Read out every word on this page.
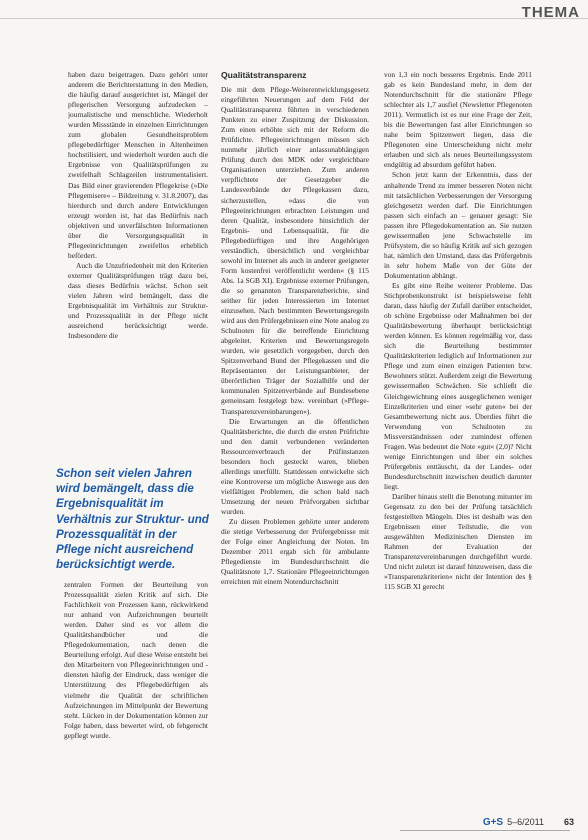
THEMA

haben dazu beigetragen. Dazu gehört unter anderem die Berichterstattung in den Medien, die häufig darauf ausgerichtet ist, Mängel der pflegerischen Versorgung aufzudecken – journalistische und menschliche. Wiederholt wurden Missstände in einzelnen Einrichtungen zum globalen Gesundheitsproblem pflegebedürftiger Menschen in Altenheimen hochstilisiert, und wiederholt wurden auch die Ergebnisse von Qualitätsprüfungen zu zweifelhaft Schlagzeilen instrumentalisiert. Das Bild einer gravierenden Pflegekrise (»Die Pflegemisere« – Bildzeitung v. 31.8.2007), das hierdurch und durch andere Entwicklungen erzeugt worden ist, hat das Bedürfnis nach objektiven und unverfälschten Informationen über die Versorgungsqualität in Pflegeeinrichtungen zweifellos erheblich befördert.

Auch die Unzufriedenheit mit den Kriterien externer Qualitätsprüfungen trägt dazu bei, dass dieses Bedürfnis wächst. Schon seit vielen Jahren wird bemängelt, dass die Ergebnisqualität im Verhältnis zur Struktur- und Prozessqualität in der Pflege nicht ausreichend berücksichtigt werde. Insbesondere die

Schon seit vielen Jahren wird bemängelt, dass die Ergebnisqualität im Verhältnis zur Struktur- und Prozessqualität in der Pflege nicht ausreichend berücksichtigt werde.

zentralen Formen der Beurteilung von Prozessqualität zielen Kritik auf sich. Die Fachlichkeit von Prozessen kann, rückwirkend nur anhand von Aufzeichnungen beurteilt werden. Daher sind es vor allem die Qualitätshandbücher und die Pflegedokumentation, nach denen die Beurteilung erfolgt. Auf diese Weise entsteht bei den Mitarbeitern von Pflegeeinrichtungen und -diensten häufig der Eindruck, dass weniger die Unterstützung des Pflegebedürftigen als vielmehr die Qualität der schriftlichen Aufzeichnungen im Mittelpunkt der Bewertung steht. Lücken in der Dokumentation können zur Folge haben, dass bewertet wird, ob fehgerecht gepflegt wurde.

Qualitätstransparenz

Die mit dem Pflege-Weiterentwicklungsgesetz eingeführten Neuerungen auf dem Feld der Qualitätstransparenz führten in verschiedenen Punkten zu einer Zuspitzung der Diskussion. Zum einen erhöhte sich mit der Reform die Prüfdichte. Pflegeeinrichtungen müssen sich nunmehr jährlich einer anlassunabhängigen Prüfung durch den MDK oder vergleichbare Organisationen unterziehen. Zum anderen verpflichtete der Gesetzgeber die Landesverbände der Pflegekassen dazu, sicherzustellen, »dass die von Pflegeeinrichtungen erbrachten Leistungen und deren Qualität, insbesondere hinsichtlich der Ergebnis- und Lebensqualität, für die Pflegebedürftigen und ihre Angehörigen verständlich, übersichtlich und vergleichbar sowohl im Internet als auch in anderer geeigneter Form kostenfrei veröffentlicht werden« (§ 115 Abs. 1a SGB XI). Ergebnisse externer Prüfungen, die so genannten Transparenzberichte, sind seither für jeden Interessierten im Internet einzusehen. Nach bestimmten Bewertungsregeln wird aus den Prüfergebnissen eine Note analog zu Schulnoten für die betreffende Einrichtung abgeleitet. Kriterien und Bewertungsregeln wurden, wie gesetzlich vorgegeben, durch den Spitzenverband Bund der Pflegekassen und die Repräsentanten der Leistungsanbieter, der überörtlichen Träger der Sozialhilfe und der kommunalen Spitzenverbände auf Bundesebene gemeinsam festgelegt bzw. vereinbart (»Pflege-Transparenzvereinbarungen«).

Die Erwartungen an die öffentlichen Qualitätsberichte, die durch die ersten Prüfrichte und den damit verbundenen veränderten Ressourcenverbrauch der Prüfinstanzen besonders hoch gesteckt waren, blieben allerdings unerfüllt. Stattdessen entwickelte sich eine Kontroverse um mögliche Auswege aus den vielfältigen Problemen, die schon bald nach Umsetzung der neuen Prüfvorgaben sichtbar wurden.

Zu diesen Problemen gehörte unter anderem die stetige Verbesserung der Prüfergebnisse mit der Folge einer Angleichung der Noten. Im Dezember 2011 ergab sich für ambulante Pflegedienste im Bundesdurchschnitt die Qualitätsnote 1,7. Stationäre Pflegeeinrichtungen erreichten mit einem Notendurchschnitt

von 1,3 ein noch besseres Ergebnis. Ende 2011 gab es kein Bundesland mehr, in dem der Notendurchschnitt für die stationäre Pflege schlechter als 1,7 ausfiel (Newsletter Pflegenoten 2011). Vermutlich ist es nur eine Frage der Zeit, bis die Bewertungen fast aller Einrichtungen so nahe beim Spitzenwert liegen, dass die Pflegenoten eine Unterscheidung nicht mehr erlauben und sich als neues Beurteilungssystem endgültig ad absurdum geführt haben.

Schon jetzt kann der Erkenntnis, dass der anhaltende Trend zu immer besseren Noten nicht mit tatsächlichen Verbesserungen der Versorgung gleichgesetzt werden darf. Die Einrichtungen passen sich einfach an – genauer gesagt: Sie passen ihre Pflegedokumentation an. Sie nutzen gewissermaßen jene Schwachstelle im Prüfsystem, die so häufig Kritik auf sich gezogen hat, nämlich den Umstand, dass das Prüfergebnis in sehr hohem Maße von der Güte der Dokumentation abhängt.

Es gibt eine Reihe weiterer Probleme. Das Stichprobenkonstrukt ist beispielsweise fehlt daran, dass häufig der Zufall darüber entscheidet, ob schöne Ergebnisse oder Maßnahmen bei der Qualitätsbewertung überhaupt berücksichtigt werden können. Es können regelmäßig vor, dass sich die Beurteilung bestimmter Qualitätskriterien lediglich auf Informationen zur Pflege und zum einen einzigen Patienten bzw. Bewohners stützt. Außerdem zeigt die Bewertung gewissermaßen Schwächen. Sie schließt die Gleichgewichtung eines ausgeglichenen weniger Einzelkriterien und einer »sehr guten« bei der Gesamtbewertung nicht aus. Überdies führt die Verwendung von Schulnoten zu Missverständnissen oder zumindest offenen Fragen. Was bedeutet die Note »gut« (2,0)? Nicht wenige Einrichtungen und über ein solches Prüfergebnis enttäuscht, da der Landes- oder Bundesdurchschnitt inzwischen deutlich darunter liegt.

Darüber hinaus stellt die Benotung mitunter im Gegensatz zu den bei der Prüfung tatsächlich festgestellten Mängeln. Dies ist deshalb was den Ergebnissen einer Teilstudie, die von ausgewählten Medizinischen Diensten im Rahmen der Evaluation der Transparenzvereinbarungen durchgeführt wurde. Und nicht zuletzt ist darauf hinzuweisen, dass die »Transparenzkriterien« nicht der Intention des § 115 SGB XI gerecht

G+S 5–6/2011 63
